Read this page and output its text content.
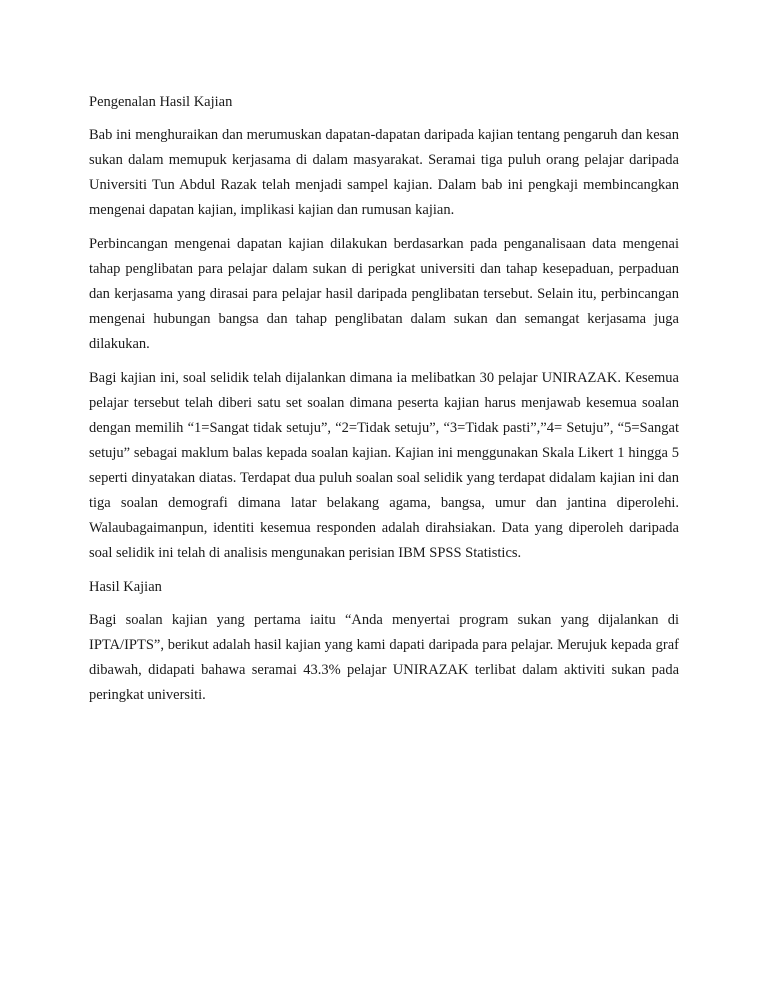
Pengenalan Hasil Kajian

Bab ini menghuraikan dan merumuskan dapatan-dapatan daripada kajian tentang pengaruh dan kesan sukan dalam memupuk kerjasama di dalam masyarakat. Seramai tiga puluh orang pelajar daripada Universiti Tun Abdul Razak telah menjadi sampel kajian. Dalam bab ini pengkaji membincangkan mengenai dapatan kajian, implikasi kajian dan rumusan kajian.

Perbincangan mengenai dapatan kajian dilakukan berdasarkan pada penganalisaan data mengenai tahap penglibatan para pelajar dalam sukan di perigkat universiti dan tahap kesepaduan, perpaduan dan kerjasama yang dirasai para pelajar hasil daripada penglibatan tersebut. Selain itu, perbincangan mengenai hubungan bangsa dan tahap penglibatan dalam sukan dan semangat kerjasama juga dilakukan.

Bagi kajian ini, soal selidik telah dijalankan dimana ia melibatkan 30 pelajar UNIRAZAK. Kesemua pelajar tersebut telah diberi satu set soalan dimana peserta kajian harus menjawab kesemua soalan dengan memilih “1=Sangat tidak setuju”, “2=Tidak setuju”, “3=Tidak pasti”,”4= Setuju”, “5=Sangat setuju” sebagai maklum balas kepada soalan kajian. Kajian ini menggunakan Skala Likert 1 hingga 5 seperti dinyatakan diatas. Terdapat dua puluh soalan soal selidik yang terdapat didalam kajian ini dan tiga soalan demografi dimana latar belakang agama, bangsa, umur dan jantina diperolehi. Walaubagaimanpun, identiti kesemua responden adalah dirahsiakan. Data yang diperoleh daripada soal selidik ini telah di analisis mengunakan perisian IBM SPSS Statistics.

Hasil Kajian

Bagi soalan kajian yang pertama iaitu “Anda menyertai program sukan yang dijalankan di IPTA/IPTS”, berikut adalah hasil kajian yang kami dapati daripada para pelajar. Merujuk kepada graf dibawah, didapati bahawa seramai 43.3% pelajar UNIRAZAK terlibat dalam aktiviti sukan pada peringkat universiti.
